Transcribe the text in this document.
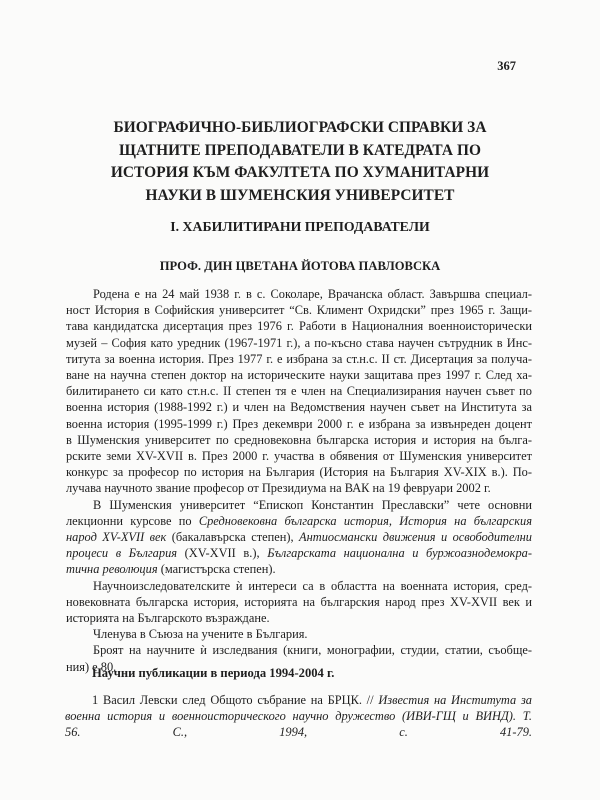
367
БИОГРАФИЧНО-БИБЛИОГРАФСКИ СПРАВКИ ЗА
ЩАТНИТЕ ПРЕПОДАВАТЕЛИ В КАТЕДРАТА ПО
ИСТОРИЯ КЪМ ФАКУЛТЕТА ПО ХУМАНИТАРНИ
НАУКИ В ШУМЕНСКИЯ УНИВЕРСИТЕТ
І. ХАБИЛИТИРАНИ ПРЕПОДАВАТЕЛИ
ПРОФ. ДИН ЦВЕТАНА ЙОТОВА ПАВЛОВСКА

Родена е на 24 май 1938 г. в с. Соколаре, Врачанска област. Завършва специал-
ност История в Софийския университет “Св. Климент Охридски” през 1965 г. Защи-
тава кандидатска дисертация през 1976 г. Работи в Националния военноисторически
музей – София като уредник (1967-1971 г.), а по-късно става научен сътрудник в Инс-
титута за военна история. През 1977 г. е избрана за ст.н.с. II ст. Дисертация за получа-
ване на научна степен доктор на историческите науки защитава през 1997 г. След ха-
билитирането си като ст.н.с. II степен тя е член на Специализирания научен съвет по
военна история (1988-1992 г.) и член на Ведомствения научен съвет на Института за
военна история (1995-1999 г.) През декември 2000 г. е избрана за извънреден доцент
в Шуменския университет по средновековна българска история и история на бълга-
рските земи XV-XVII в. През 2000 г. участва в обявения от Шуменския университет
конкурс за професор по история на България (История на България XV-XIX в.). По-
лучава научното звание професор от Президиума на ВАК на 19 февруари 2002 г.

В Шуменския университет “Епископ Константин Преславски” чете основни
лекционни курсове по Средновековна българска история, История на българския
народ XV-XVII век (бакалавърска степен), Антиосмански движения и освободителни
процеси в България (XV-XVII в.), Българската национална и буржоазнодемокра-
тична революция (магистърска степен).

Научноизследователските ѝ интереси са в областта на военната история, сред-
новековната българска история, историята на българския народ през XV-XVII век и
историята на Българското възраждане.

Членува в Съюза на учените в България.

Броят на научните ѝ изследвания (книги, монографии, студии, статии, съобще-
ния) е 80.

Научни публикации в периода 1994-2004 г.
1 Васил Левски след Общото събрание на БРЦК. // Известия на Института за
военна история и военноисторического научно дружество (ИВИ-ГЩ и ВИНД). Т.
56. С., 1994, с. 41-79.
